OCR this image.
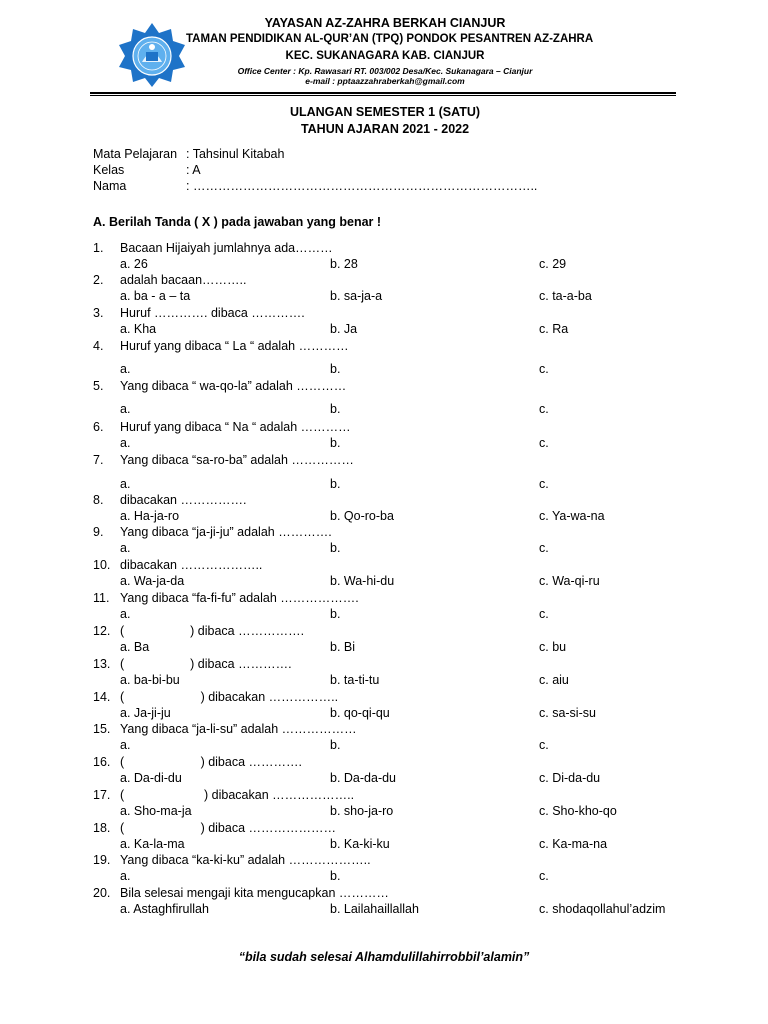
YAYASAN AZ-ZAHRA BERKAH CIANJUR
TAMAN PENDIDIKAN AL-QUR’AN (TPQ) PONDOK PESANTREN AZ-ZAHRA
KEC. SUKANAGARA KAB. CIANJUR
Office Center : Kp. Rawasari RT. 003/002 Desa/Kec. Sukanagara – Cianjur
e-mail : pptaazzahraberkah@gmail.com
ULANGAN SEMESTER 1 (SATU)
TAHUN AJARAN 2021 - 2022
Mata Pelajaran : Tahsinul Kitabah
Kelas	: A
Nama	: ………………………………………………………………………..
A. Berilah Tanda ( X ) pada jawaban yang benar !
1. Bacaan Hijaiyah jumlahnya ada………
a. 26	b. 28	c. 29
2. adalah bacaan………..
a. ba - a – ta	b. sa-ja-a	c. ta-a-ba
3. Huruf …………. dibaca ………….
a. Kha	b. Ja	c. Ra
4. Huruf yang dibaca “ La “ adalah …………
a.	b.	c.
5. Yang dibaca “ wa-qo-la” adalah …………
a.	b.	c.
6. Huruf yang dibaca “ Na “ adalah …………
a.	b.	c.
7. Yang dibaca “sa-ro-ba” adalah ……………
a.	b.	c.
8. dibacakan …………….
a. Ha-ja-ro	b. Qo-ro-ba	c. Ya-wa-na
9. Yang dibaca “ja-ji-ju” adalah ………….
a.	b.	c.
10. dibacakan ………………..
a. Wa-ja-da	b. Wa-hi-du	c. Wa-qi-ru
11. Yang dibaca “fa-fi-fu” adalah ……………….
a.	b.	c.
12. (                   ) dibaca …………….
a. Ba	b. Bi	c. bu
13. (                   ) dibaca ………….
a. ba-bi-bu	b. ta-ti-tu	c. aiu
14. (                      ) dibacakan ……………..
a. Ja-ji-ju	b. qo-qi-qu	c. sa-si-su
15. Yang dibaca “ja-li-su” adalah ………………
a.	b.	c.
16. (                      ) dibaca ………….
a. Da-di-du	b. Da-da-du	c. Di-da-du
17. (                       ) dibacakan ………………..
a. Sho-ma-ja	b. sho-ja-ro	c. Sho-kho-qo
18. (                      ) dibaca …………………
a. Ka-la-ma	b. Ka-ki-ku	c. Ka-ma-na
19. Yang dibaca “ka-ki-ku” adalah ………………..
a.	b.	c.
20. Bila selesai mengaji kita mengucapkan …………
a. Astaghfirullah	b. Lailahaillallah	c. shodaqollahul’adzim
“bila sudah selesai Alhamdulillahirrobbil’alamin”
